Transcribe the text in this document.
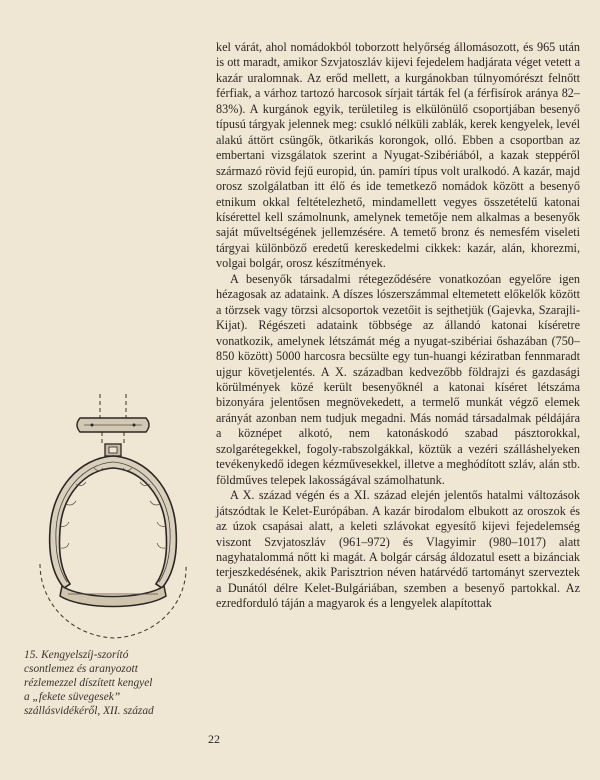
kel várát, ahol nomádokból toborzott helyőrség állomásozott, és 965 után is ott maradt, amikor Szvjatoszláv kijevi fejedelem hadjárata véget vetett a kazár uralomnak. Az erőd mellett, a kurgánokban túlnyomórészt felnőtt férfiak, a várhoz tartozó harcosok sírjait tárták fel (a férfisírok aránya 82–83%). A kurgánok egyik, területileg is elkülönülő csoportjában besenyő típusú tárgyak jelennek meg: csukló nélküli zablák, kerek kengyelek, levél alakú áttört csüngők, ötkarikás korongok, olló. Ebben a csoportban az embertani vizsgálatok szerint a Nyugat-Szibériából, a kazak steppéről származó rövid fejű europid, ún. pamíri típus volt uralkodó. A kazár, majd orosz szolgálatban itt élő és ide temetkező nomádok között a besenyő etnikum okkal feltételezhető, mindamellett vegyes összetételű katonai kísérettel kell számolnunk, amelynek temetője nem alkalmas a besenyők saját műveltségének jellemzésére. A temető bronz és nemesfém viseleti tárgyai különböző eredetű kereskedelmi cikkek: kazár, alán, khorezmi, volgai bolgár, orosz készítmények.

A besenyők társadalmi rétegeződésére vonatkozóan egyelőre igen hézagosak az adataink. A díszes lószerszámmal eltemetett előkelők között a törzsek vagy törzsi alcsoportok vezetőit is sejthetjük (Gajevka, Szarajli-Kijat). Régészeti adataink többsége az állandó katonai kíséretre vonatkozik, amelynek létszámát még a nyugat-szibériai őshazában (750–850 között) 5000 harcosra becsülte egy tun-huangi kéziratban fennmaradt ujgur követjelentés. A X. században kedvezőbb földrajzi és gazdasági körülmények közé került besenyőknél a katonai kíséret létszáma bizonyára jelentősen megnövekedett, a termelő munkát végző elemek arányát azonban nem tudjuk megadni. Más nomád társadalmak példájára a köznépet alkotó, nem katonáskodó szabad pásztorokkal, szolgarétegekkel, fogoly-rabszolgákkal, köztük a vezéri szálláshelyeken tevékenykedő idegen kézművesekkel, illetve a meghódított szláv, alán stb. földműves telepek lakosságával számolhatunk.

A X. század végén és a XI. század elején jelentős hatalmi változások játszódtak le Kelet-Európában. A kazár birodalom elbukott az oroszok és az úzok csapásai alatt, a keleti szlávokat egyesítő kijevi fejedelemség viszont Szvjatoszláv (961–972) és Vlagyimir (980–1017) alatt nagyhatalommá nőtt ki magát. A bolgár cárság áldozatul esett a bizánciak terjeszkedésének, akik Parisztrion néven határvédő tartományt szerveztek a Dunától délre Kelet-Bulgáriában, szemben a besenyő partokkal. Az ezredforduló táján a magyarok és a lengyelek alapítottak

15. Kengyelszíj-szorító
csontlemez és aranyozott
rézlemezzel díszített kengyel
a „fekete süvegesek”
szállásvidékéről, XII. század
22
